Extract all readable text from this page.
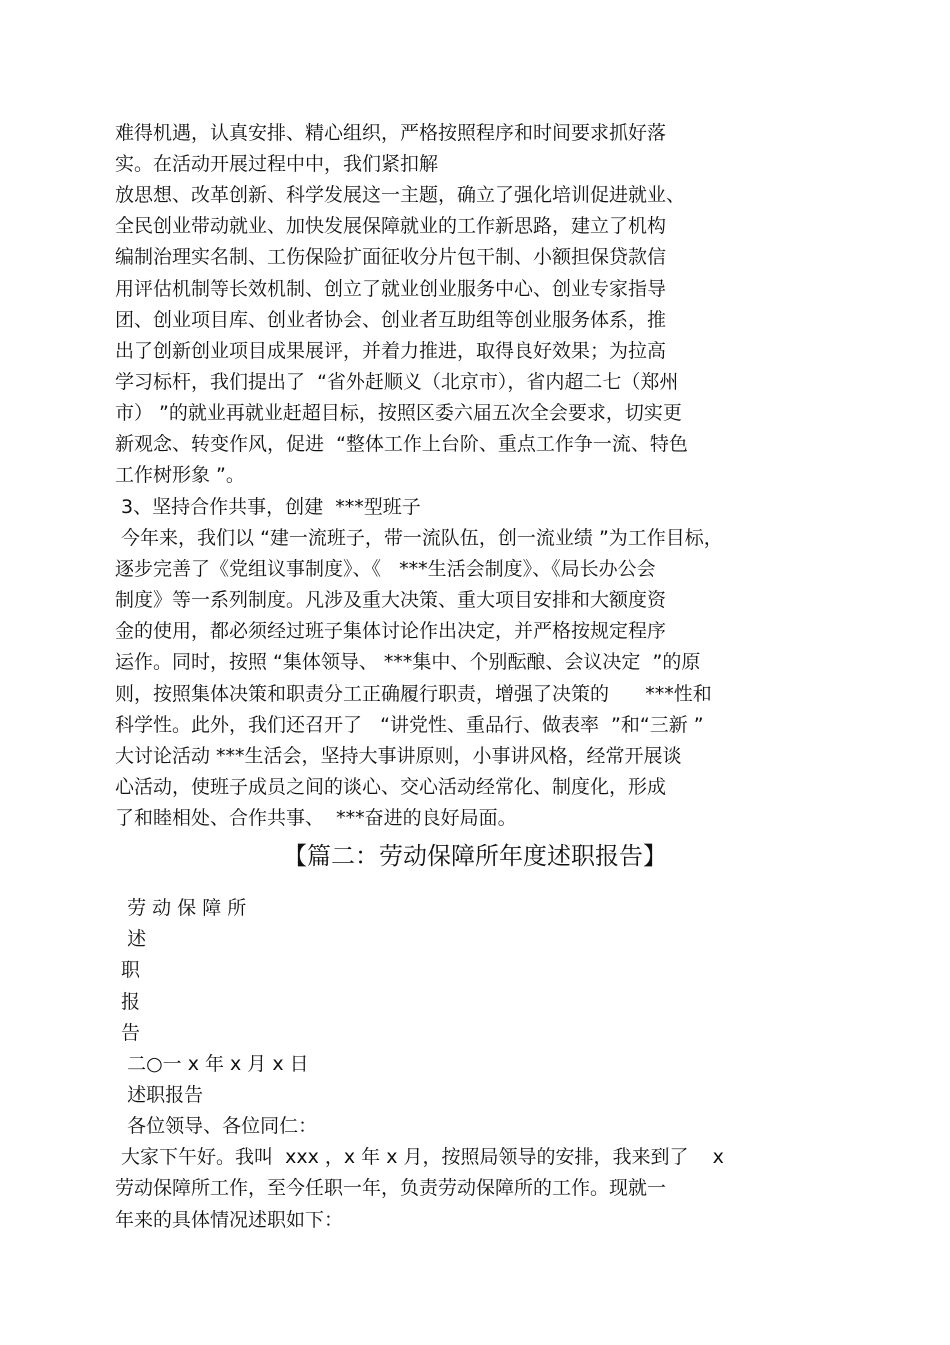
难得机遇，认真安排、精心组织，严格按照程序和时间要求抓好落
实。在活动开展过程中中，我们紧扣解
放思想、改革创新、科学发展这一主题，确立了强化培训促进就业、
全民创业带动就业、加快发展保障就业的工作新思路，建立了机构
编制治理实名制、工伤保险扩面征收分片包干制、小额担保贷款信
用评估机制等长效机制、创立了就业创业服务中心、创业专家指导
团、创业项目库、创业者协会、创业者互助组等创业服务体系，推
出了创新创业项目成果展评，并着力推进，取得良好效果；为拉高
学习标杆，我们提出了  “省外赶顺义（北京市），省内超二七（郑州
市） ”的就业再就业赶超目标，按照区委六届五次全会要求，切实更
新观念、转变作风，促进  “整体工作上台阶、重点工作争一流、特色
工作树形象 ”。
3、坚持合作共事，创建  ***型班子
今年来，我们以 “建一流班子，带一流队伍，创一流业绩 ”为工作目标，
逐步完善了《党组议事制度》、《   ***生活会制度》、《局长办公会
制度》等一系列制度。凡涉及重大决策、重大项目安排和大额度资
金的使用，都必须经过班子集体讨论作出决定，并严格按规定程序
运作。同时，按照 “集体领导、 ***集中、个别酝酿、会议决定  ”的原
则，按照集体决策和职责分工正确履行职责，增强了决策的      ***性和
科学性。此外，我们还召开了   “讲党性、重品行、做表率  ”和“三新 ”
大讨论活动 ***生活会，坚持大事讲原则，小事讲风格，经常开展谈
心活动，使班子成员之间的谈心、交心活动经常化、制度化，形成
了和睦相处、合作共事、  ***奋进的良好局面。
【篇二：劳动保障所年度述职报告】
劳 动 保 障 所
述
职
报
告
二○一 x 年 x 月 x 日
述职报告
各位领导、各位同仁：
大家下午好。我叫  xxx ，x 年 x 月，按照局领导的安排，我来到了    x
劳动保障所工作，至今任职一年，负责劳动保障所的工作。现就一
年来的具体情况述职如下：
